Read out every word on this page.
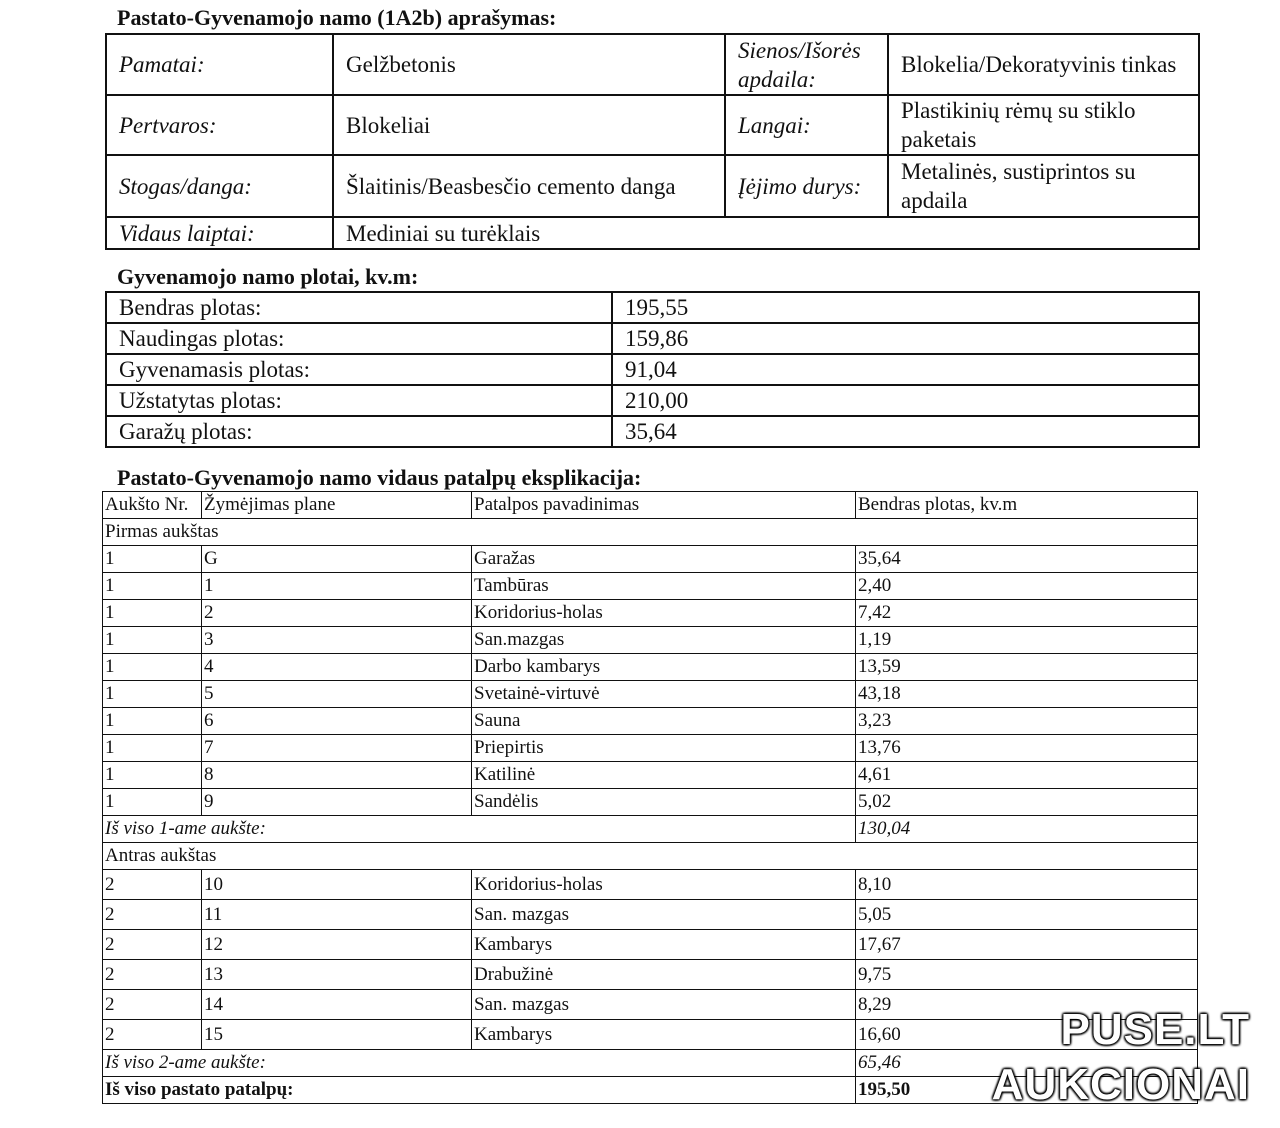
Pastato-Gyvenamojo namo (1A2b) aprašymas:
Pamatai:	Gelžbetonis	Sienos/Išorės apdaila:	Blokelia/Dekoratyvinis tinkas
Pertvaros:	Blokeliai	Langai:	Plastikinių rėmų su stiklo paketais
Stogas/danga:	Šlaitinis/Beasbesčio cemento danga	Įėjimo durys:	Metalinės, sustiprintos su apdaila
Vidaus laiptai:	Mediniai su turėklais		
Gyvenamojo namo plotai, kv.m:
Bendras plotas:	195,55
Naudingas plotas:	159,86
Gyvenamasis plotas:	91,04
Užstatytas plotas:	210,00
Garažų plotas:	35,64
Pastato-Gyvenamojo namo vidaus patalpų eksplikacija:
Aukšto Nr.	Žymėjimas plane	Patalpos pavadinimas	Bendras plotas, kv.m
Pirmas aukštas			
1	G	Garažas	35,64
1	1	Tambūras	2,40
1	2	Koridorius-holas	7,42
1	3	San.mazgas	1,19
1	4	Darbo kambarys	13,59
1	5	Svetainė-virtuvė	43,18
1	6	Sauna	3,23
1	7	Priepirtis	13,76
1	8	Katilinė	4,61
1	9	Sandėlis	5,02
Iš viso 1-ame aukšte:			130,04
Antras aukštas			
2	10	Koridorius-holas	8,10
2	11	San. mazgas	5,05
2	12	Kambarys	17,67
2	13	Drabužinė	9,75
2	14	San. mazgas	8,29
2	15	Kambarys	16,60
Iš viso 2-ame aukšte:			65,46
Iš viso pastato patalpų:			195,50
PUSE.LT
AUKCIONAI
